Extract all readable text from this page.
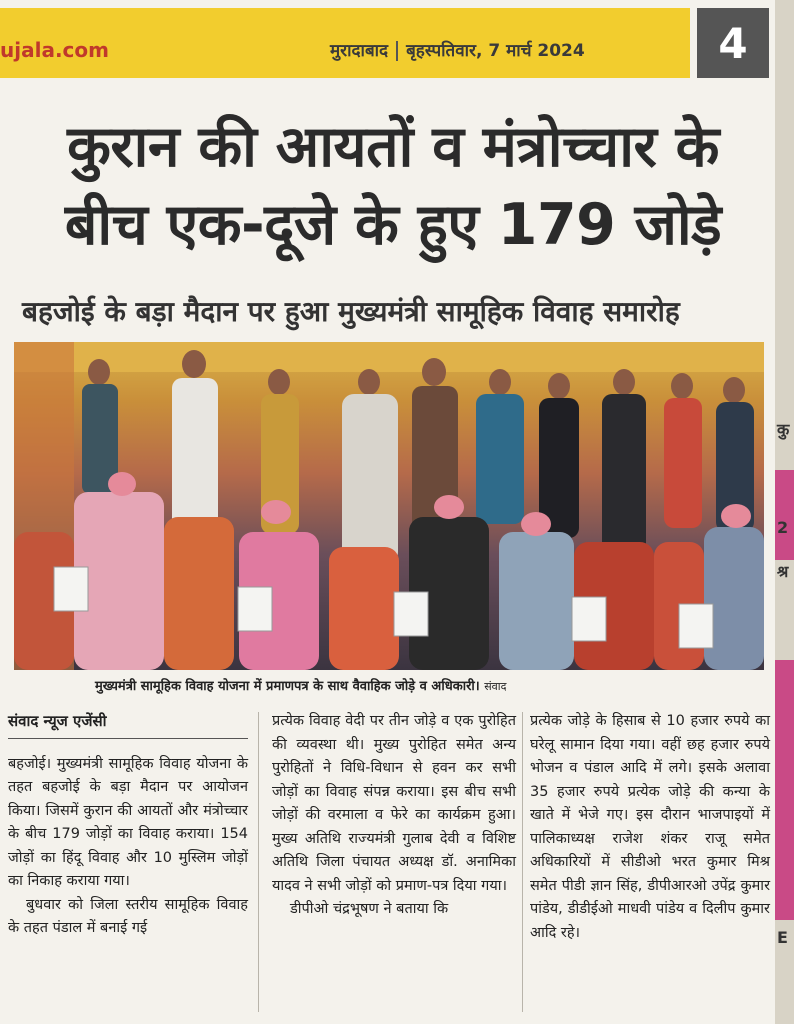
ujala.com	मुरादाबाद बृहस्पतिवार, 7 मार्च 2024	4
कुरान की आयतों व मंत्रोच्चार के
बीच एक-दूजे के हुए 179 जोड़े
बहजोई के बड़ा मैदान पर हुआ मुख्यमंत्री सामूहिक विवाह समारोह
मुख्यमंत्री सामूहिक विवाह योजना में प्रमाणपत्र के साथ वैवाहिक जोड़े व अधिकारी। संवाद
संवाद न्यूज एजेंसी

बहजोई। मुख्यमंत्री सामूहिक विवाह योजना के तहत बहजोई के बड़ा मैदान पर आयोजन किया। जिसमें कुरान की आयतों और मंत्रोच्चार के बीच 179 जोड़ों का विवाह कराया। 154 जोड़ों का हिंदू विवाह और 10 मुस्लिम जोड़ों का निकाह कराया गया।

बुधवार को जिला स्तरीय सामूहिक विवाह के तहत पंडाल में बनाई गई

प्रत्येक विवाह वेदी पर तीन जोड़े व एक पुरोहित की व्यवस्था थी। मुख्य पुरोहित समेत अन्य पुरोहितों ने विधि-विधान से हवन कर सभी जोड़ों का विवाह संपन्न कराया। इस बीच सभी जोड़ों की वरमाला व फेरे का कार्यक्रम हुआ। मुख्य अतिथि राज्यमंत्री गुलाब देवी व विशिष्ट अतिथि जिला पंचायत अध्यक्ष डॉ. अनामिका यादव ने सभी जोड़ों को प्रमाण-पत्र दिया गया।

डीपीओ चंद्रभूषण ने बताया कि

प्रत्येक जोड़े के हिसाब से 10 हजार रुपये का घरेलू सामान दिया गया। वहीं छह हजार रुपये भोजन व पंडाल आदि में लगे। इसके अलावा 35 हजार रुपये प्रत्येक जोड़े की कन्या के खाते में भेजे गए। इस दौरान भाजपाइयों में पालिकाध्यक्ष राजेश शंकर राजू समेत अधिकारियों में सीडीओ भरत कुमार मिश्र समेत पीडी ज्ञान सिंह, डीपीआरओ उपेंद्र कुमार पांडेय, डीडीईओ माधवी पांडेय व दिलीप कुमार आदि रहे।

कु
2
श्र
E
